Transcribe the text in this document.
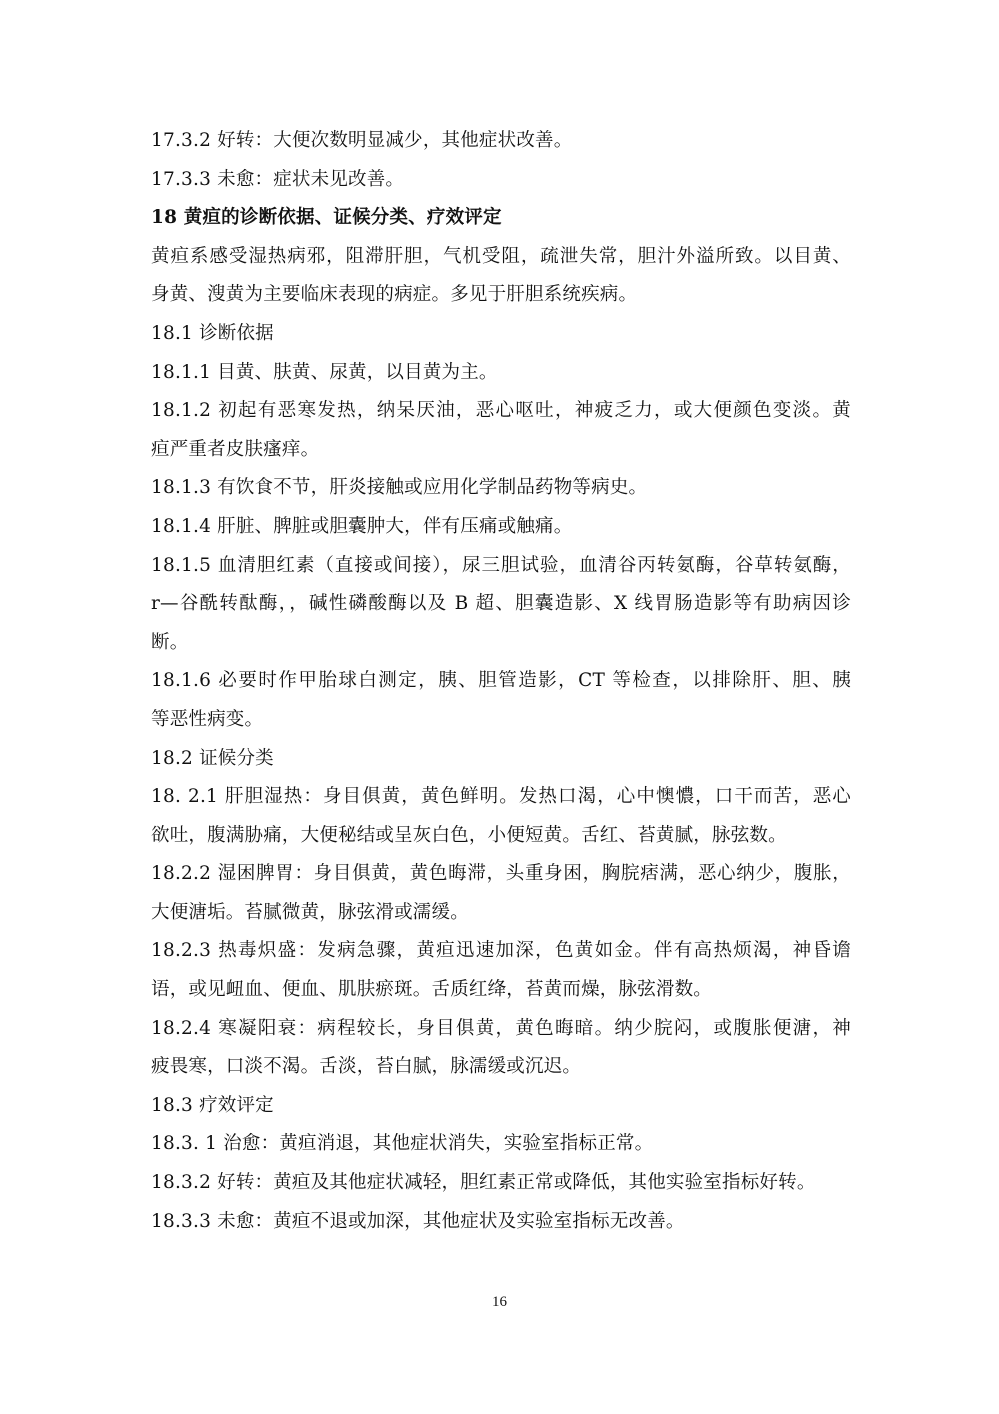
17.3.2 好转：大便次数明显减少，其他症状改善。
17.3.3 未愈：症状未见改善。
18 黄疸的诊断依据、证候分类、疗效评定
黄疸系感受湿热病邪，阻滞肝胆，气机受阻，疏泄失常，胆汁外溢所致。以目黄、
身黄、溲黄为主要临床表现的病症。多见于肝胆系统疾病。
18.1 诊断依据
18.1.1 目黄、肤黄、尿黄，以目黄为主。
18.1.2 初起有恶寒发热，纳呆厌油，恶心呕吐，神疲乏力，或大便颜色变淡。黄
疸严重者皮肤瘙痒。
18.1.3 有饮食不节，肝炎接触或应用化学制品药物等病史。
18.1.4 肝脏、脾脏或胆囊肿大，伴有压痛或触痛。
18.1.5 血清胆红素（直接或间接），尿三胆试验，血清谷丙转氨酶，谷草转氨酶，
r—谷酰转酞酶，，碱性磷酸酶以及 B 超、胆囊造影、X 线胃肠造影等有助病因诊
断。
18.1.6 必要时作甲胎球白测定，胰、胆管造影，CT 等检查，以排除肝、胆、胰
等恶性病变。
18.2 证候分类
18. 2.1 肝胆湿热：身目俱黄，黄色鲜明。发热口渴，心中懊憹，口干而苦，恶心
欲吐，腹满胁痛，大便秘结或呈灰白色，小便短黄。舌红、苔黄腻，脉弦数。
18.2.2 湿困脾胃：身目俱黄，黄色晦滞，头重身困，胸脘痞满，恶心纳少，腹胀，
大便溏垢。苔腻微黄，脉弦滑或濡缓。
18.2.3 热毒炽盛：发病急骤，黄疸迅速加深，色黄如金。伴有高热烦渴，神昏谵
语，或见衄血、便血、肌肤瘀斑。舌质红绛，苔黄而燥，脉弦滑数。
18.2.4 寒凝阳衰：病程较长，身目俱黄，黄色晦暗。纳少脘闷，或腹胀便溏，神
疲畏寒，口淡不渴。舌淡，苔白腻，脉濡缓或沉迟。
18.3 疗效评定
18.3. 1 治愈：黄疸消退，其他症状消失，实验室指标正常。
18.3.2 好转：黄疸及其他症状减轻，胆红素正常或降低，其他实验室指标好转。
18.3.3 未愈：黄疸不退或加深，其他症状及实验室指标无改善。
16
